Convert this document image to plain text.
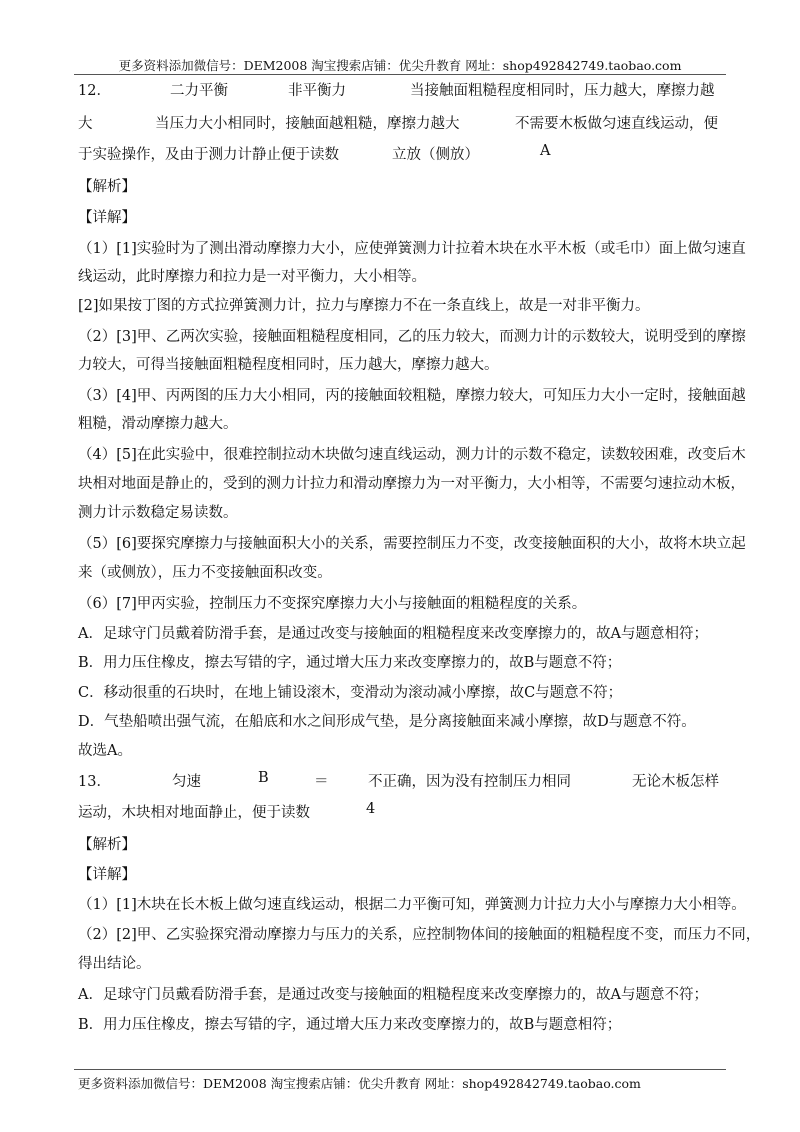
更多资料添加微信号：DEM2008 淘宝搜索店铺：优尖升教育 网址：shop492842749.taobao.com
12．	二力平衡	非平衡力	当接触面粗糙程度相同时，压力越大，摩擦力越
大	当压力大小相同时，接触面越粗糙，摩擦力越大	不需要木板做匀速直线运动，便
于实验操作，及由于测力计静止便于读数	立放（侧放）	A
【解析】
【详解】
（1）[1]实验时为了测出滑动摩擦力大小，应使弹簧测力计拉着木块在水平木板（或毛巾）面上做匀速直
线运动，此时摩擦力和拉力是一对平衡力，大小相等。
[2]如果按丁图的方式拉弹簧测力计，拉力与摩擦力不在一条直线上，故是一对非平衡力。
（2）[3]甲、乙两次实验，接触面粗糙程度相同，乙的压力较大，而测力计的示数较大，说明受到的摩擦
力较大，可得当接触面粗糙程度相同时，压力越大，摩擦力越大。
（3）[4]甲、丙两图的压力大小相同，丙的接触面较粗糙，摩擦力较大，可知压力大小一定时，接触面越
粗糙，滑动摩擦力越大。
（4）[5]在此实验中，很难控制拉动木块做匀速直线运动，测力计的示数不稳定，读数较困难，改变后木
块相对地面是静止的，受到的测力计拉力和滑动摩擦力为一对平衡力，大小相等，不需要匀速拉动木板，
测力计示数稳定易读数。
（5）[6]要探究摩擦力与接触面积大小的关系，需要控制压力不变，改变接触面积的大小，故将木块立起
来（或侧放），压力不变接触面积改变。
（6）[7]甲丙实验，控制压力不变探究摩擦力大小与接触面的粗糙程度的关系。
A．足球守门员戴着防滑手套，是通过改变与接触面的粗糙程度来改变摩擦力的，故A与题意相符；
B．用力压住橡皮，擦去写错的字，通过增大压力来改变摩擦力的，故B与题意不符；
C．移动很重的石块时，在地上铺设滚木，变滑动为滚动减小摩擦，故C与题意不符；
D．气垫船喷出强气流，在船底和水之间形成气垫，是分离接触面来减小摩擦，故D与题意不符。
故选A。
13．	匀速	B	＝	不正确，因为没有控制压力相同	无论木板怎样
运动，木块相对地面静止，便于读数	4
【解析】
【详解】
（1）[1]木块在长木板上做匀速直线运动，根据二力平衡可知，弹簧测力计拉力大小与摩擦力大小相等。
（2）[2]甲、乙实验探究滑动摩擦力与压力的关系，应控制物体间的接触面的粗糙程度不变，而压力不同，
得出结论。
A．足球守门员戴看防滑手套，是通过改变与接触面的粗糙程度来改变摩擦力的，故A与题意不符；
B．用力压住橡皮，擦去写错的字，通过增大压力来改变摩擦力的，故B与题意相符；
更多资料添加微信号：DEM2008 淘宝搜索店铺：优尖升教育 网址：shop492842749.taobao.com
